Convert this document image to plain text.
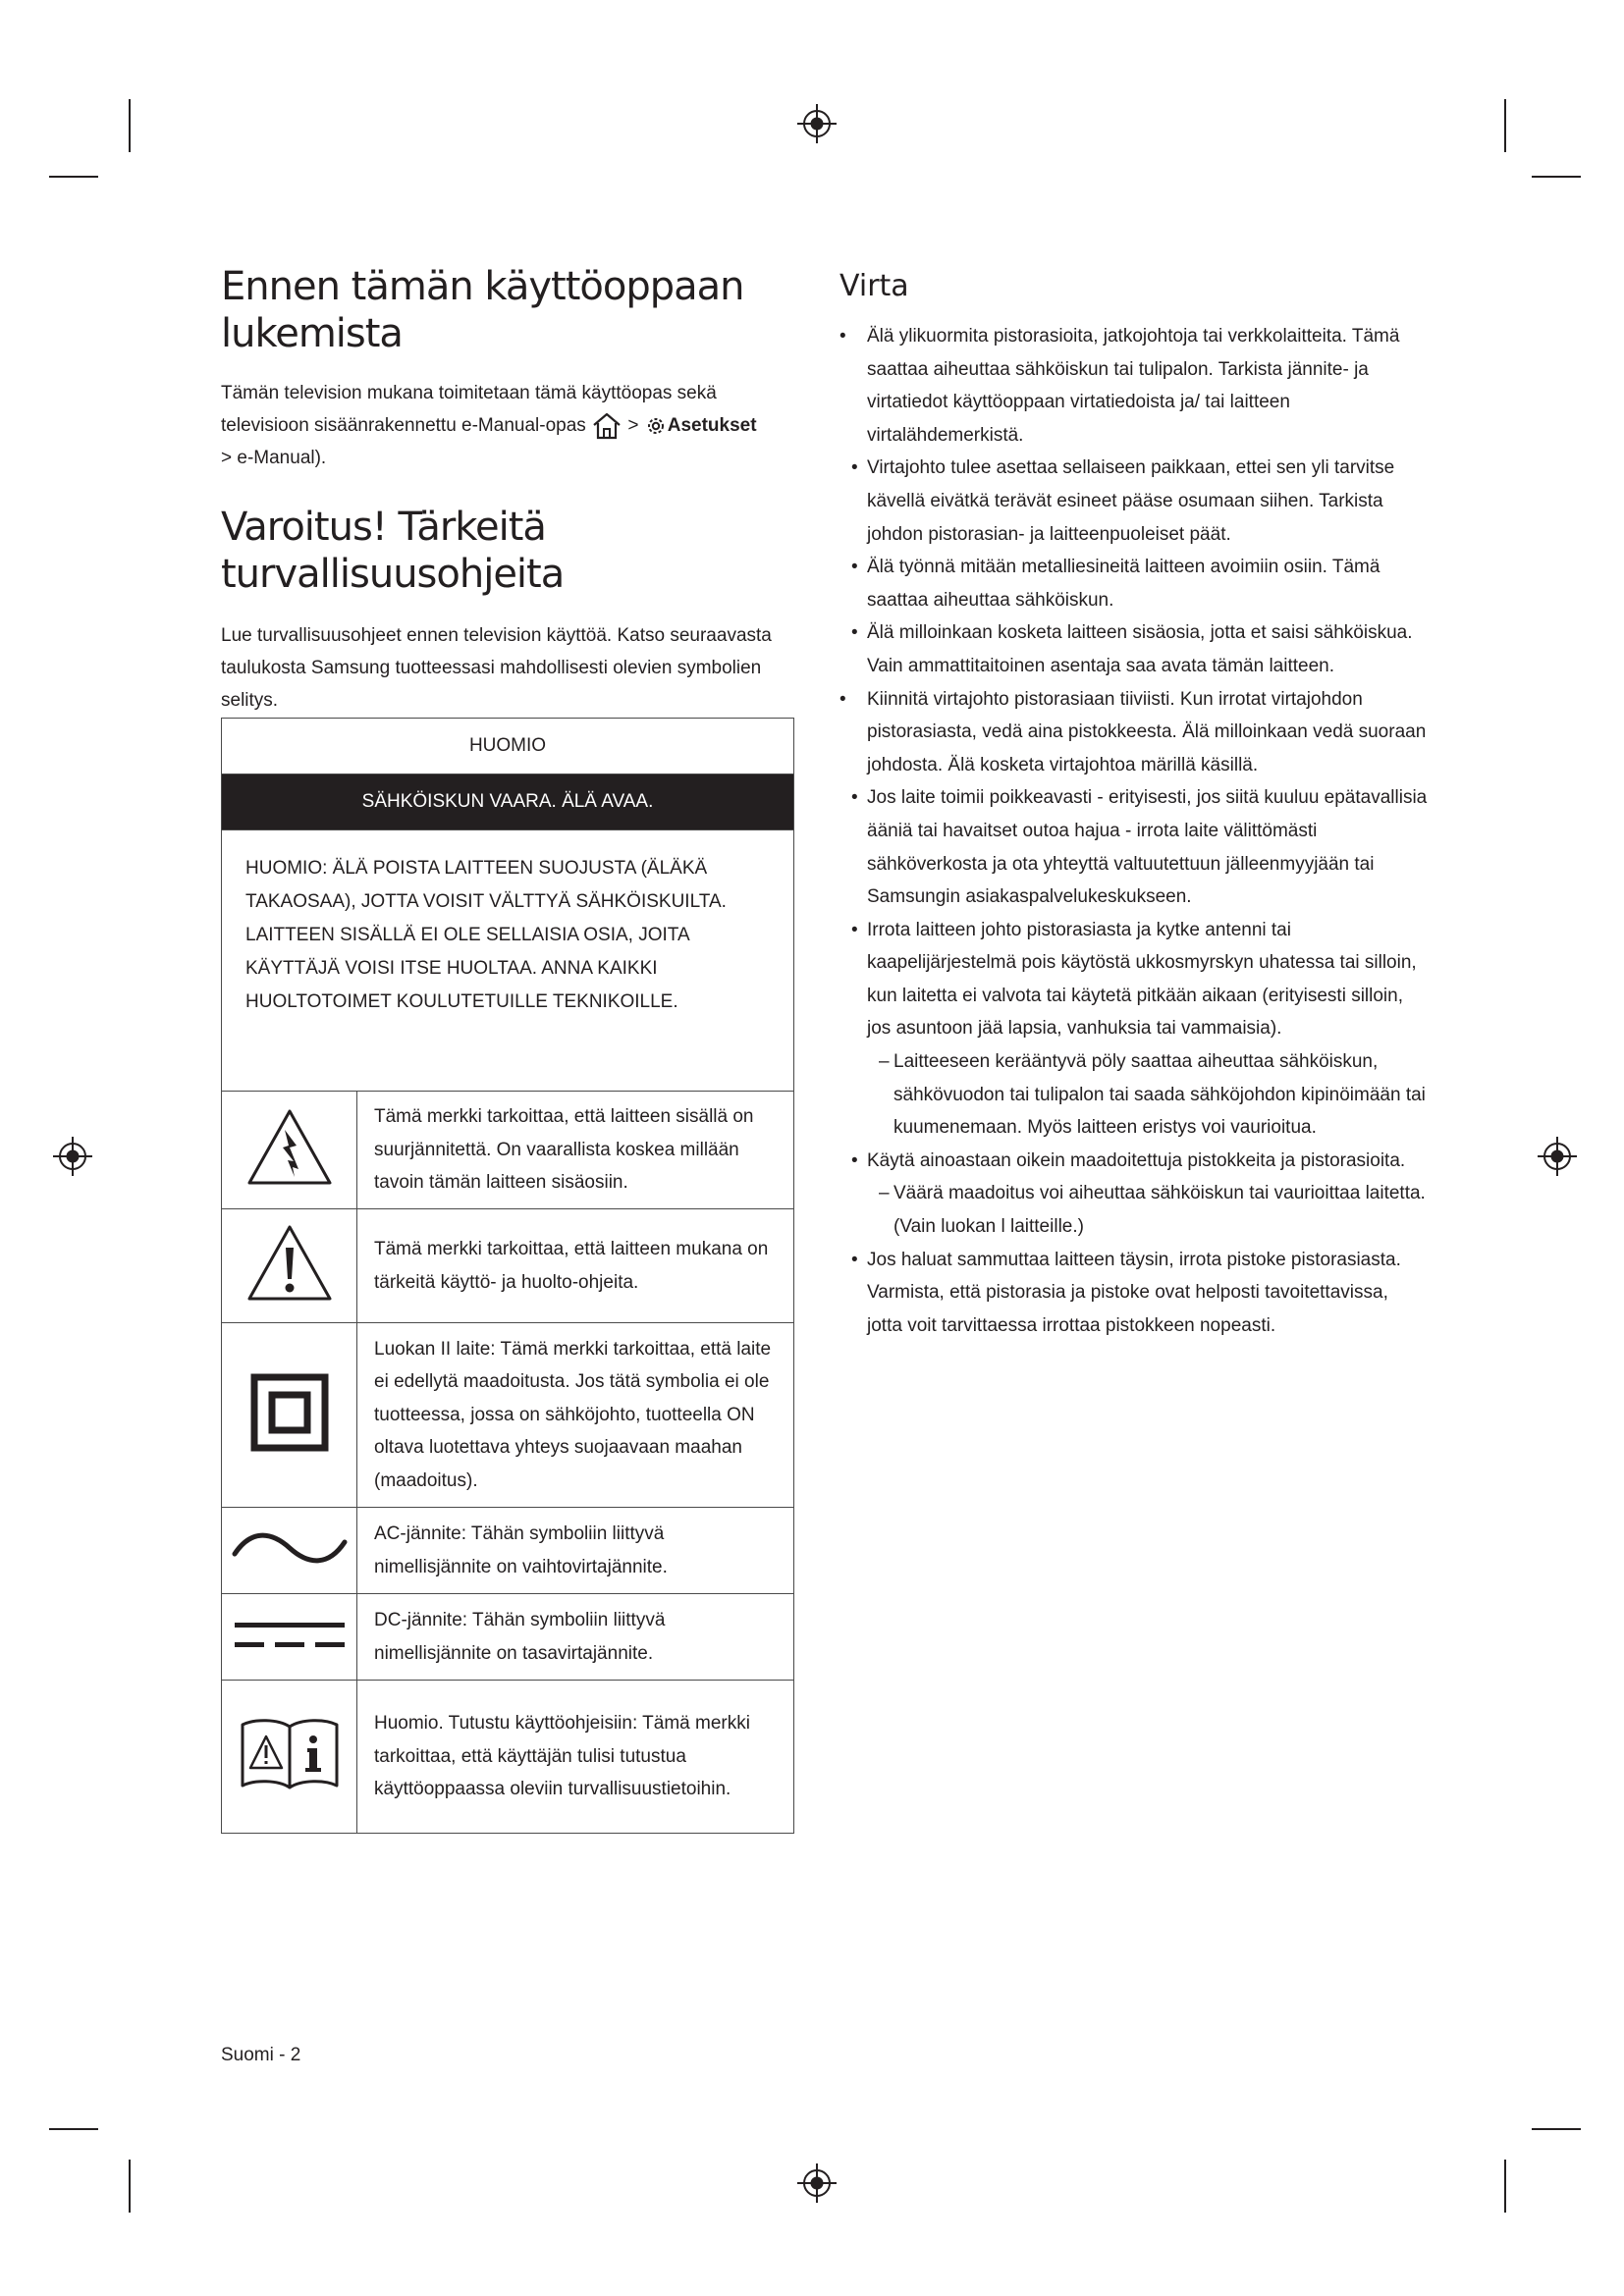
Ennen tämän käyttöoppaan lukemista

Tämän television mukana toimitetaan tämä käyttöopas sekä televisioon sisäänrakennettu e-Manual-opas > Asetukset
> e-Manual).

Varoitus! Tärkeitä turvallisuusohjeita

Lue turvallisuusohjeet ennen television käyttöä. Katso seuraavasta taulukosta Samsung tuotteessasi mahdollisesti olevien symbolien selitys.

HUOMIO	
SÄHKÖISKUN VAARA. ÄLÄ AVAA.	
HUOMIO: ÄLÄ POISTA LAITTEEN SUOJUSTA (ÄLÄKÄ TAKAOSAA), JOTTA VOISIT VÄLTTYÄ SÄHKÖISKUILTA. LAITTEEN SISÄLLÄ EI OLE SELLAISIA OSIA, JOITA KÄYTTÄJÄ VOISI ITSE HUOLTAA. ANNA KAIKKI HUOLTOTOIMET KOULUTETUILLE TEKNIKOILLE.	
	Tämä merkki tarkoittaa, että laitteen sisällä on suurjännitettä. On vaarallista koskea millään tavoin tämän laitteen sisäosiin.
	Tämä merkki tarkoittaa, että laitteen mukana on tärkeitä käyttö- ja huolto-ohjeita.
	Luokan II laite: Tämä merkki tarkoittaa, että laite ei edellytä maadoitusta. Jos tätä symbolia ei ole tuotteessa, jossa on sähköjohto, tuotteella ON oltava luotettava yhteys suojaavaan maahan (maadoitus).
	AC-jännite: Tähän symboliin liittyvä nimellisjännite on vaihtovirtajännite.
	DC-jännite: Tähän symboliin liittyvä nimellisjännite on tasavirtajännite.
	Huomio. Tutustu käyttöohjeisiin: Tämä merkki tarkoittaa, että käyttäjän tulisi tutustua käyttöoppaassa oleviin turvallisuustietoihin.
Virta
• Älä ylikuormita pistorasioita, jatkojohtoja tai verkkolaitteita. Tämä saattaa aiheuttaa sähköiskun tai tulipalon. Tarkista jännite- ja virtatiedot käyttöoppaan virtatiedoista ja/ tai laitteen virtalähdemerkistä.
• Virtajohto tulee asettaa sellaiseen paikkaan, ettei sen yli tarvitse kävellä eivätkä terävät esineet pääse osumaan siihen. Tarkista johdon pistorasian- ja laitteenpuoleiset päät.
• Älä työnnä mitään metalliesineitä laitteen avoimiin osiin. Tämä saattaa aiheuttaa sähköiskun.
• Älä milloinkaan kosketa laitteen sisäosia, jotta et saisi sähköiskua. Vain ammattitaitoinen asentaja saa avata tämän laitteen.
• Kiinnitä virtajohto pistorasiaan tiiviisti. Kun irrotat virtajohdon pistorasiasta, vedä aina pistokkeesta. Älä milloinkaan vedä suoraan johdosta. Älä kosketa virtajohtoa märillä käsillä.
• Jos laite toimii poikkeavasti - erityisesti, jos siitä kuuluu epätavallisia ääniä tai havaitset outoa hajua - irrota laite välittömästi sähköverkosta ja ota yhteyttä valtuutettuun jälleenmyyjään tai Samsungin asiakaspalvelukeskukseen.
• Irrota laitteen johto pistorasiasta ja kytke antenni tai kaapelijärjestelmä pois käytöstä ukkosmyrskyn uhatessa tai silloin, kun laitetta ei valvota tai käytetä pitkään aikaan (erityisesti silloin, jos asuntoon jää lapsia, vanhuksia tai vammaisia).
– Laitteeseen kerääntyvä pöly saattaa aiheuttaa sähköiskun, sähkövuodon tai tulipalon tai saada sähköjohdon kipinöimään tai kuumenemaan. Myös laitteen eristys voi vaurioitua.
• Käytä ainoastaan oikein maadoitettuja pistokkeita ja pistorasioita.
– Väärä maadoitus voi aiheuttaa sähköiskun tai vaurioittaa laitetta. (Vain luokan l laitteille.)
• Jos haluat sammuttaa laitteen täysin, irrota pistoke pistorasiasta. Varmista, että pistorasia ja pistoke ovat helposti tavoitettavissa, jotta voit tarvittaessa irrottaa pistokkeen nopeasti.
Suomi - 2
